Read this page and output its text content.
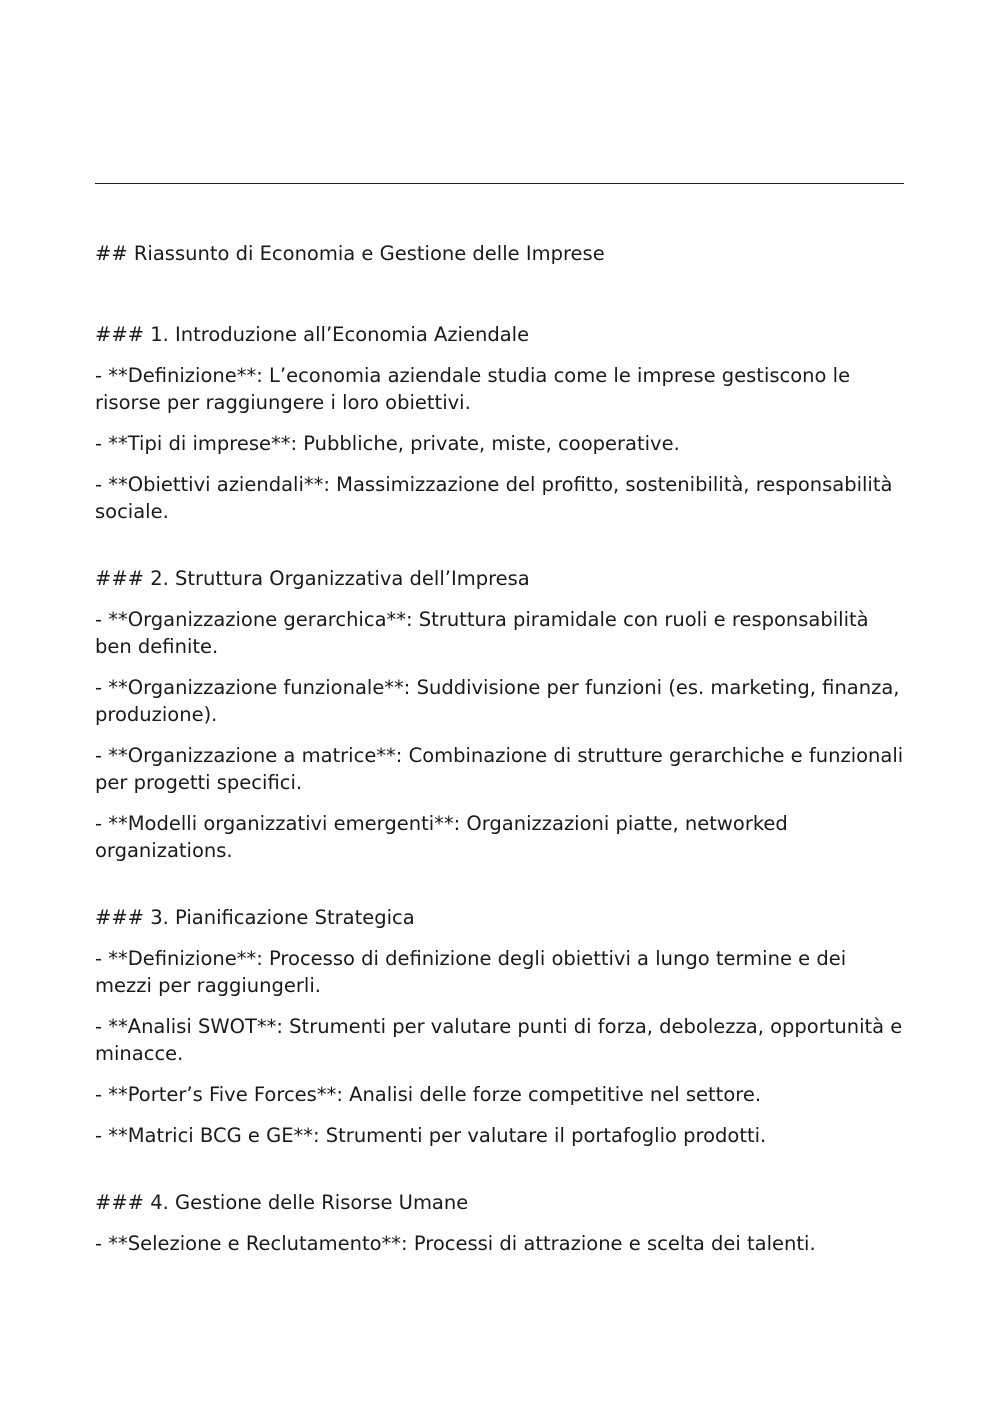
## Riassunto di Economia e Gestione delle Imprese
### 1. Introduzione all’Economia Aziendale
- **Definizione**: L’economia aziendale studia come le imprese gestiscono le risorse per raggiungere i loro obiettivi.
- **Tipi di imprese**: Pubbliche, private, miste, cooperative.
- **Obiettivi aziendali**: Massimizzazione del profitto, sostenibilità, responsabilità sociale.
### 2. Struttura Organizzativa dell’Impresa
- **Organizzazione gerarchica**: Struttura piramidale con ruoli e responsabilità ben definite.
- **Organizzazione funzionale**: Suddivisione per funzioni (es. marketing, finanza, produzione).
- **Organizzazione a matrice**: Combinazione di strutture gerarchiche e funzionali per progetti specifici.
- **Modelli organizzativi emergenti**: Organizzazioni piatte, networked organizations.
### 3. Pianificazione Strategica
- **Definizione**: Processo di definizione degli obiettivi a lungo termine e dei mezzi per raggiungerli.
- **Analisi SWOT**: Strumenti per valutare punti di forza, debolezza, opportunità e minacce.
- **Porter’s Five Forces**: Analisi delle forze competitive nel settore.
- **Matrici BCG e GE**: Strumenti per valutare il portafoglio prodotti.
### 4. Gestione delle Risorse Umane
- **Selezione e Reclutamento**: Processi di attrazione e scelta dei talenti.
